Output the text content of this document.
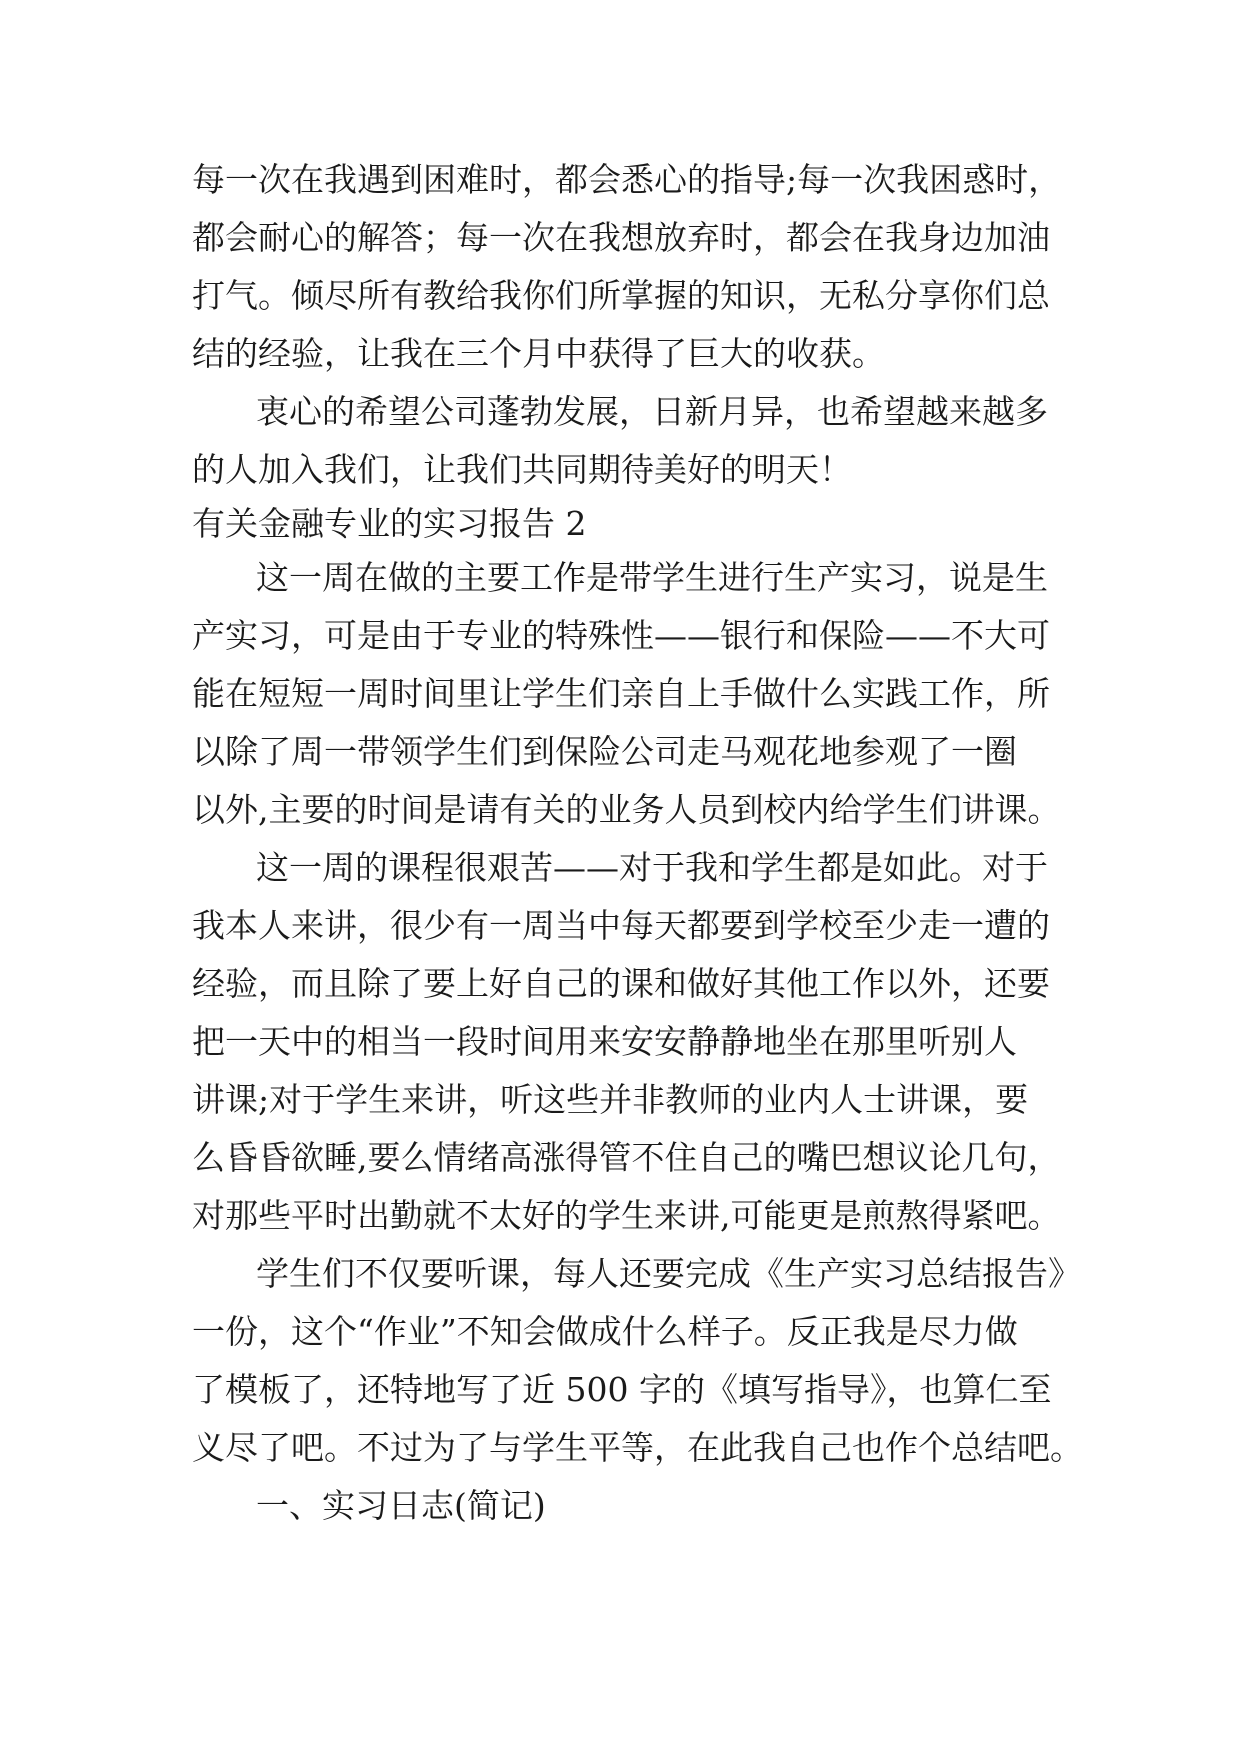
每一次在我遇到困难时，都会悉心的指导;每一次我困惑时，
都会耐心的解答；每一次在我想放弃时，都会在我身边加油
打气。倾尽所有教给我你们所掌握的知识，无私分享你们总
结的经验，让我在三个月中获得了巨大的收获。
衷心的希望公司蓬勃发展，日新月异，也希望越来越多
的人加入我们，让我们共同期待美好的明天！
有关金融专业的实习报告 2
这一周在做的主要工作是带学生进行生产实习，说是生
产实习，可是由于专业的特殊性——银行和保险——不大可
能在短短一周时间里让学生们亲自上手做什么实践工作，所
以除了周一带领学生们到保险公司走马观花地参观了一圈
以外,主要的时间是请有关的业务人员到校内给学生们讲课。
这一周的课程很艰苦——对于我和学生都是如此。对于
我本人来讲，很少有一周当中每天都要到学校至少走一遭的
经验，而且除了要上好自己的课和做好其他工作以外，还要
把一天中的相当一段时间用来安安静静地坐在那里听别人
讲课;对于学生来讲，听这些并非教师的业内人士讲课，要
么昏昏欲睡,要么情绪高涨得管不住自己的嘴巴想议论几句，
对那些平时出勤就不太好的学生来讲,可能更是煎熬得紧吧。
学生们不仅要听课，每人还要完成《生产实习总结报告》
一份，这个“作业”不知会做成什么样子。反正我是尽力做
了模板了，还特地写了近 500 字的《填写指导》，也算仁至
义尽了吧。不过为了与学生平等，在此我自己也作个总结吧。
一、实习日志(简记)
